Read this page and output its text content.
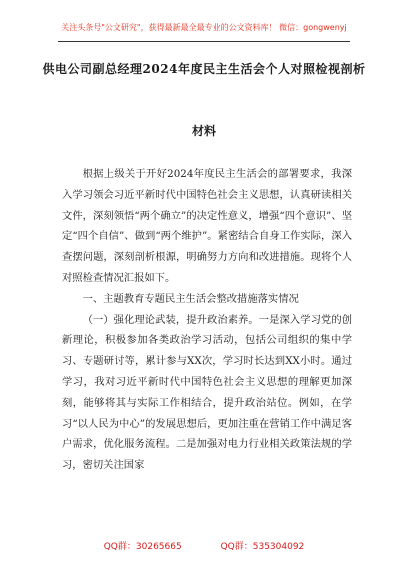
关注头条号"公文研究"，获得最新最全最专业的公文资料库！ 微信：gongwenyj
供电公司副总经理2024年度民主生活会个人对照检视剖析
材料

根据上级关于开好2024年度民主生活会的部署要求，我深入学习领会习近平新时代中国特色社会主义思想，认真研读相关文件，深刻领悟“两个确立”的决定性意义，增强“四个意识”、坚定“四个自信”、做到“两个维护”。紧密结合自身工作实际，深入查摆问题，深刻剖析根源，明确努力方向和改进措施。现将个人对照检查情况汇报如下。

一、主题教育专题民主生活会整改措施落实情况

（一）强化理论武装，提升政治素养。一是深入学习党的创新理论，积极参加各类政治学习活动，包括公司组织的集中学习、专题研讨等，累计参与XX次，学习时长达到XX小时。通过学习，我对习近平新时代中国特色社会主义思想的理解更加深刻，能够将其与实际工作相结合，提升政治站位。例如，在学习“以人民为中心”的发展思想后，更加注重在营销工作中满足客户需求，优化服务流程。二是加强对电力行业相关政策法规的学习，密切关注国家

QQ群：30265665	QQ群：535304092
